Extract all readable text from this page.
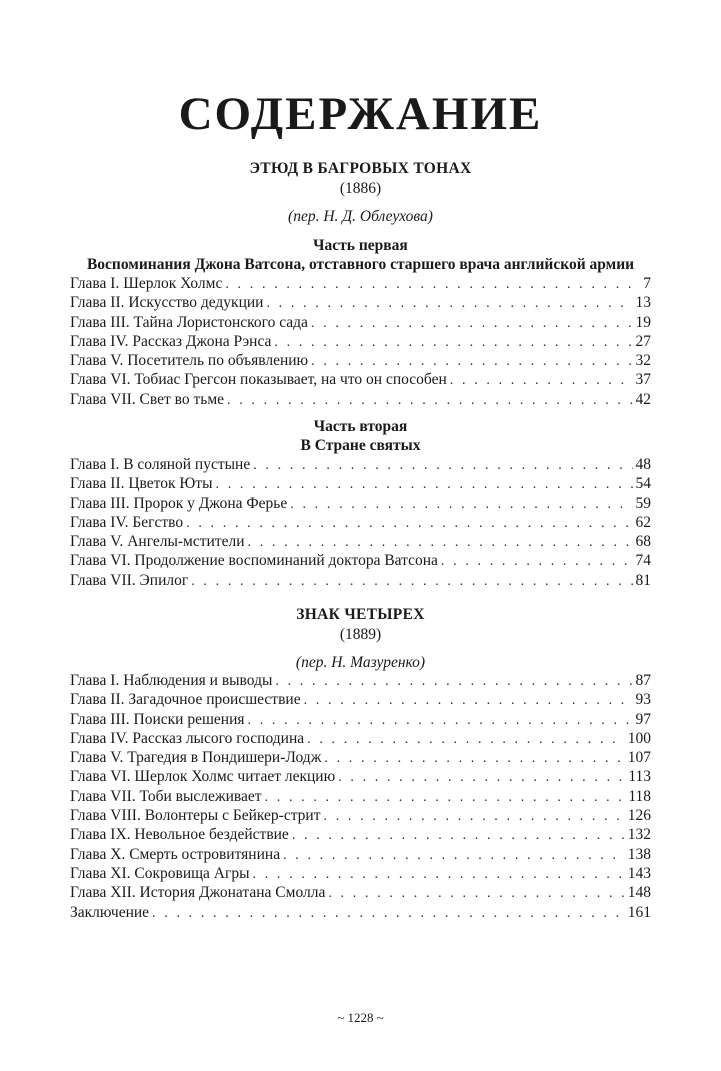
СОДЕРЖАНИЕ
ЭТЮД В БАГРОВЫХ ТОНАХ
(1886)
(пер. Н. Д. Облеухова)
Часть первая
Воспоминания Джона Ватсона, отставного старшего врача английской армии
Глава I. Шерлок Холмс . . .	7
Глава II. Искусство дедукции . . .	13
Глава III. Тайна Лористонского сада . . .	19
Глава IV. Рассказ Джона Рэнса . . .	27
Глава V. Посетитель по объявлению . . .	32
Глава VI. Тобиас Грегсон показывает, на что он способен . . .	37
Глава VII. Свет во тьме . . .	42
Часть вторая
В Стране святых
Глава I. В соляной пустыне . . .	48
Глава II. Цветок Юты . . .	54
Глава III. Пророк у Джона Ферье . . .	59
Глава IV. Бегство . . .	62
Глава V. Ангелы-мстители . . .	68
Глава VI. Продолжение воспоминаний доктора Ватсона . . .	74
Глава VII. Эпилог . . .	81
ЗНАК ЧЕТЫРЕХ
(1889)
(пер. Н. Мазуренко)
Глава I. Наблюдения и выводы . . .	87
Глава II. Загадочное происшествие . . .	93
Глава III. Поиски решения . . .	97
Глава IV. Рассказ лысого господина . . .	100
Глава V. Трагедия в Пондишери-Лодж . . .	107
Глава VI. Шерлок Холмс читает лекцию . . .	113
Глава VII. Тоби выслеживает . . .	118
Глава VIII. Волонтеры с Бейкер-стрит . . .	126
Глава IX. Невольное бездействие . . .	132
Глава X. Смерть островитянина . . .	138
Глава XI. Сокровища Агры . . .	143
Глава XII. История Джонатана Смолла . . .	148
Заключение . . .	161
~ 1228 ~
